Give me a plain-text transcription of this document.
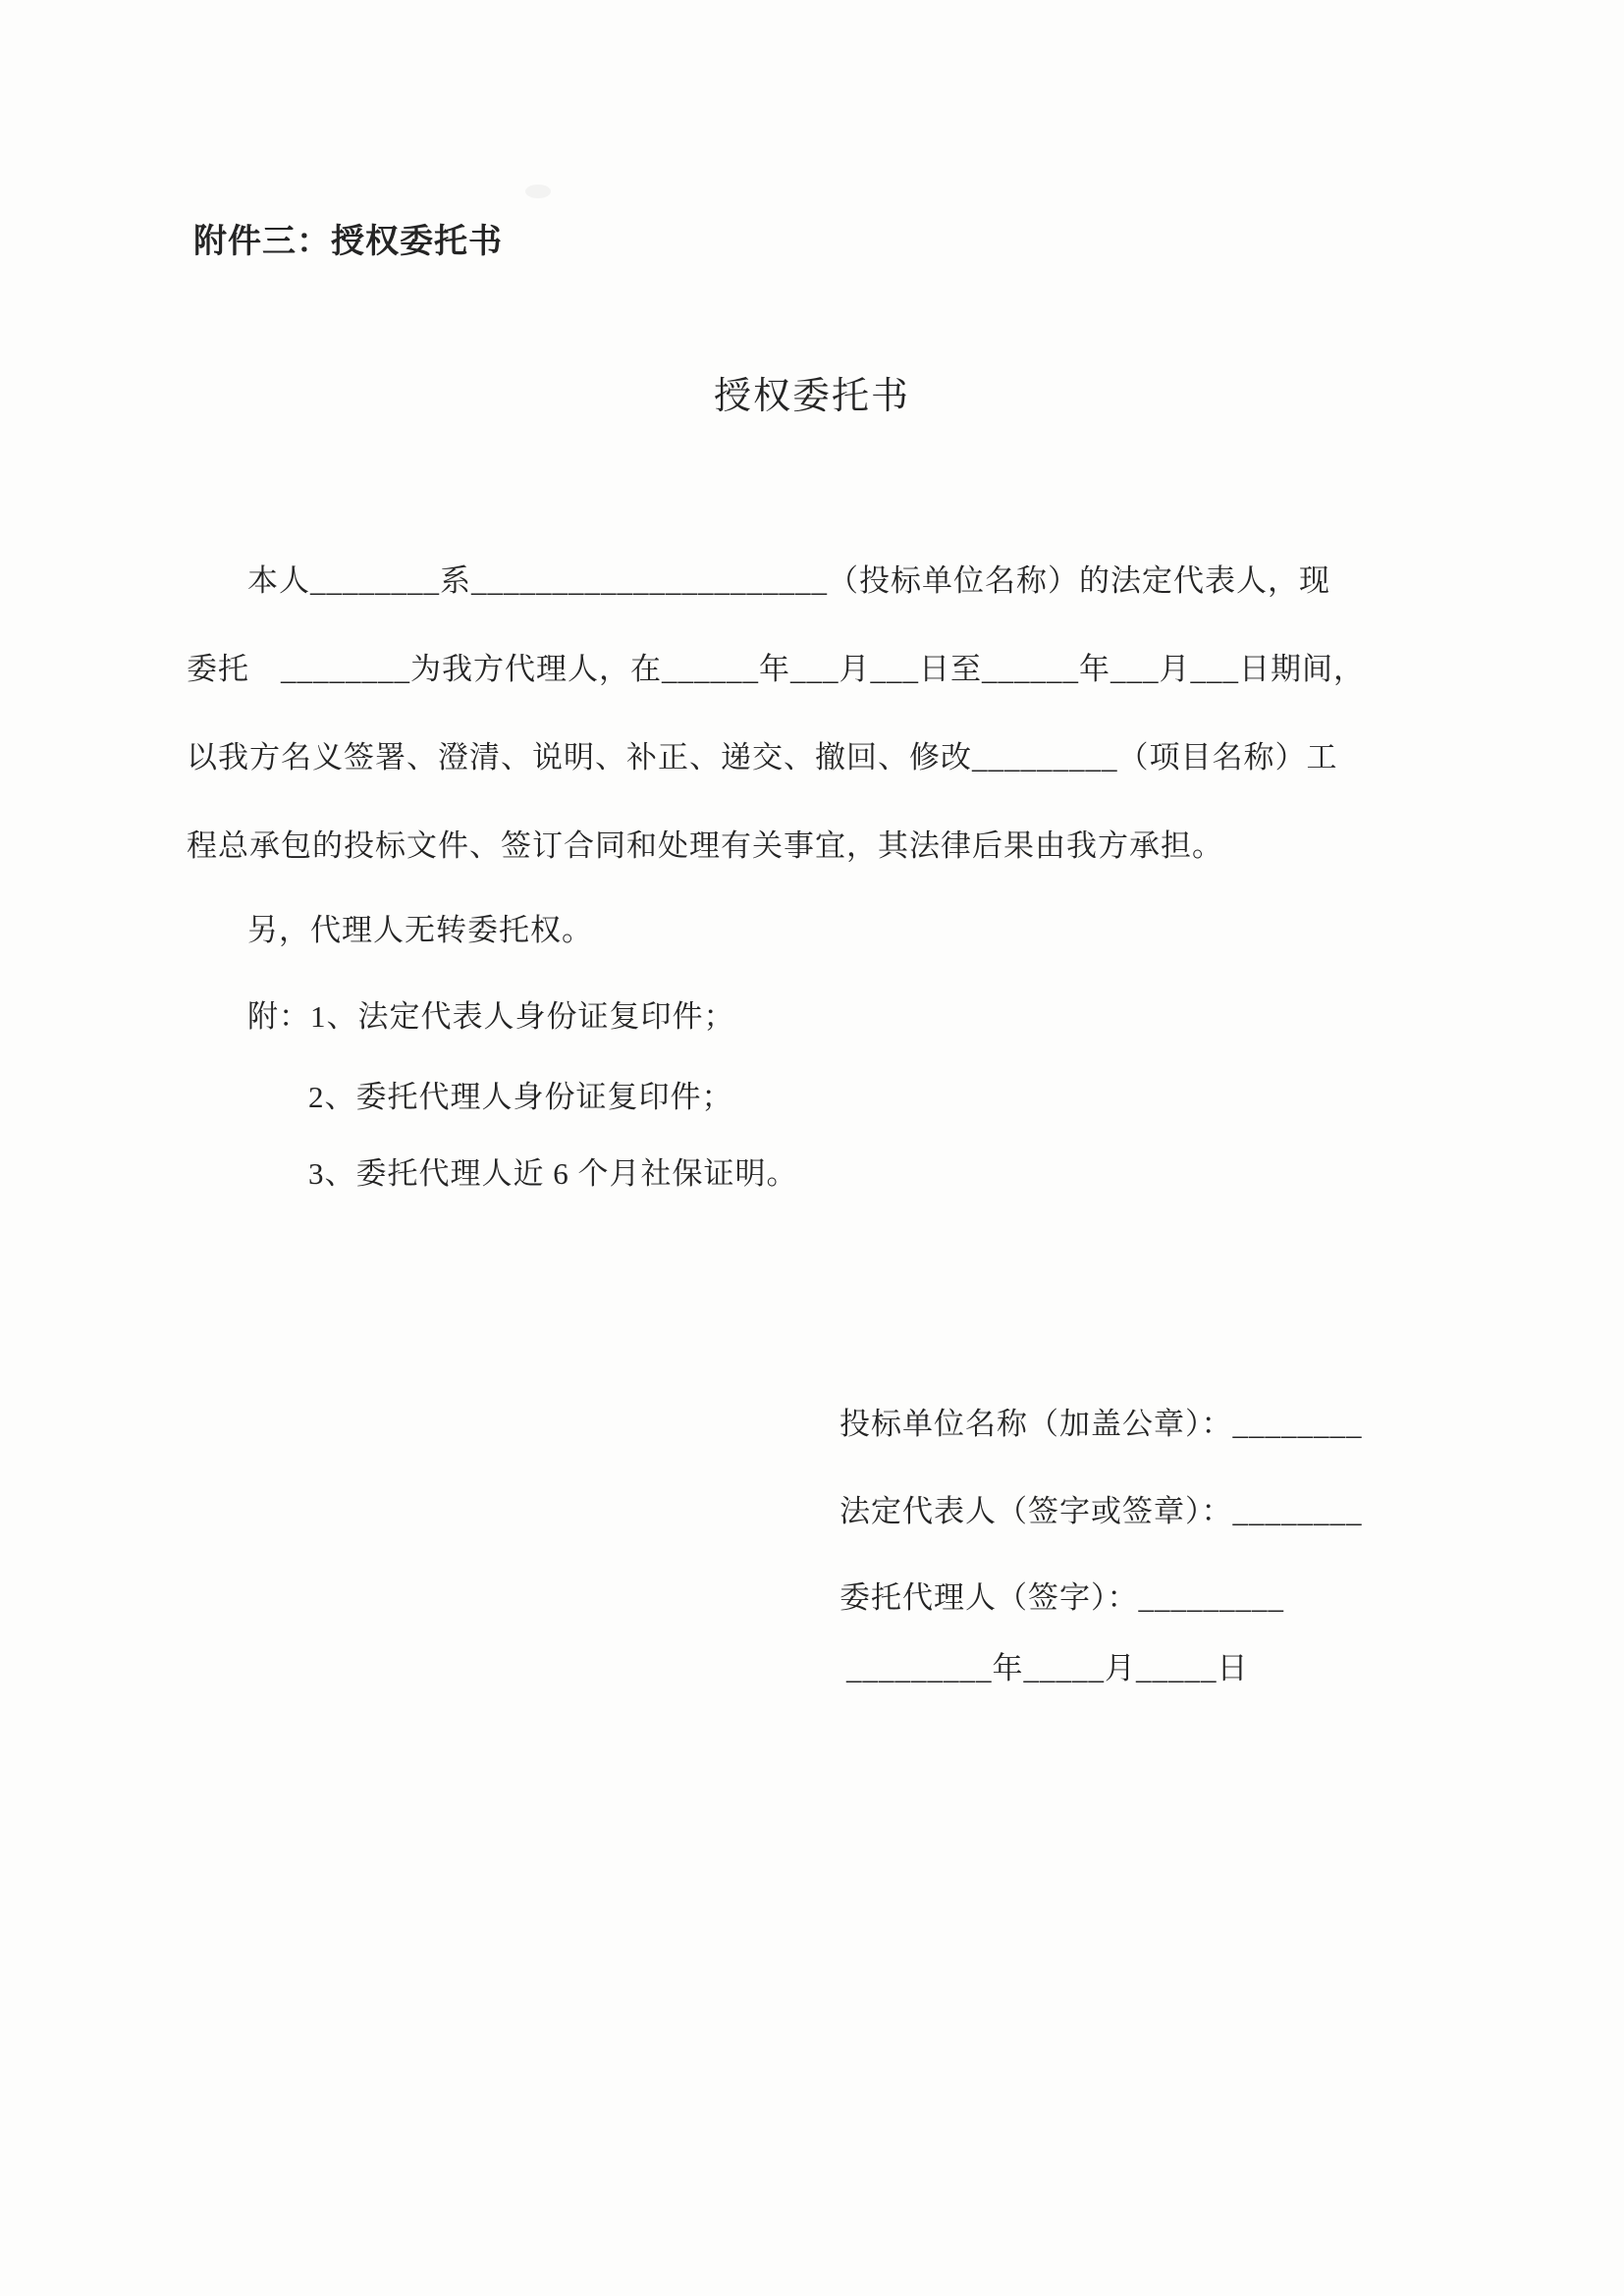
附件三：授权委托书
授权委托书
本人________系______________________（投标单位名称）的法定代表人，现
委托　________为我方代理人，在______年___月___日至______年___月___日期间，
以我方名义签署、澄清、说明、补正、递交、撤回、修改_________（项目名称）工
程总承包的投标文件、签订合同和处理有关事宜，其法律后果由我方承担。
另，代理人无转委托权。
附：1、法定代表人身份证复印件；
2、委托代理人身份证复印件；
3、委托代理人近 6 个月社保证明。
投标单位名称（加盖公章）：________
法定代表人（签字或签章）：________
委托代理人（签字）：_________
_________年_____月_____日
